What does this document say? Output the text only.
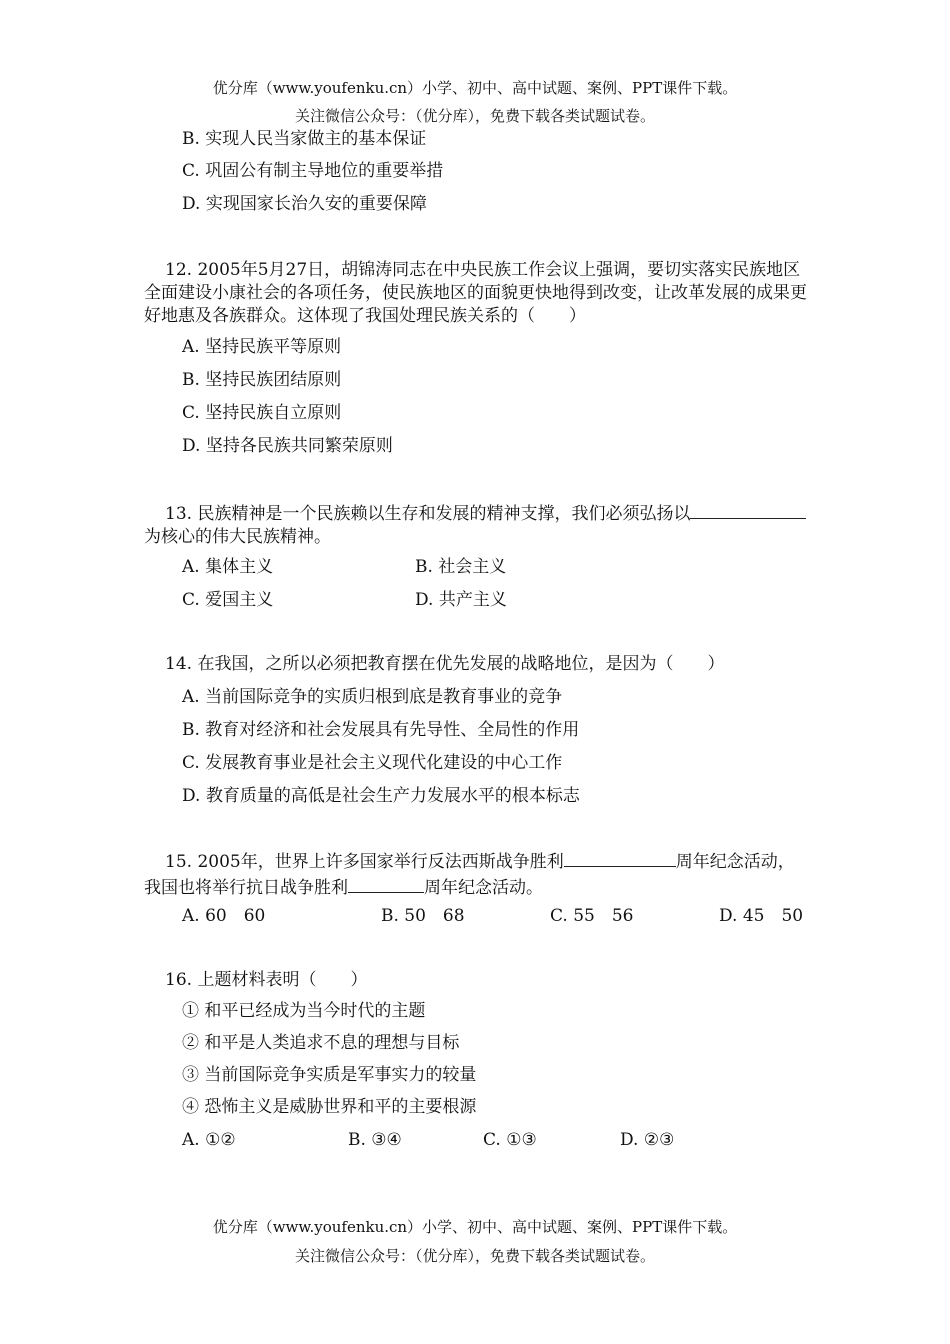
优分库（www.youfenku.cn）小学、初中、高中试题、案例、PPT课件下载。
关注微信公众号：（优分库），免费下载各类试题试卷。
B. 实现人民当家做主的基本保证
C. 巩固公有制主导地位的重要举措
D. 实现国家长治久安的重要保障
12. 2005年5月27日，胡锦涛同志在中央民族工作会议上强调，要切实落实民族地区全面建设小康社会的各项任务，使民族地区的面貌更快地得到改变，让改革发展的成果更好地惠及各族群众。这体现了我国处理民族关系的（　　）
A. 坚持民族平等原则
B. 坚持民族团结原则
C. 坚持民族自立原则
D. 坚持各民族共同繁荣原则
13. 民族精神是一个民族赖以生存和发展的精神支撑，我们必须弘扬以为核心的伟大民族精神。
A. 集体主义	B. 社会主义
C. 爱国主义	D. 共产主义
14. 在我国，之所以必须把教育摆在优先发展的战略地位，是因为（　　）
A. 当前国际竞争的实质归根到底是教育事业的竞争
B. 教育对经济和社会发展具有先导性、全局性的作用
C. 发展教育事业是社会主义现代化建设的中心工作
D. 教育质量的高低是社会生产力发展水平的根本标志
15. 2005年，世界上许多国家举行反法西斯战争胜利	周年纪念活动，我国也将举行抗日战争胜利	周年纪念活动。
A. 60　60	B. 50　68	C. 55　56	D. 45　50
16. 上题材料表明（　　）
① 和平已经成为当今时代的主题
② 和平是人类追求不息的理想与目标
③ 当前国际竞争实质是军事实力的较量
④ 恐怖主义是威胁世界和平的主要根源
A. ①②	B. ③④	C. ①③	D. ②③
优分库（www.youfenku.cn）小学、初中、高中试题、案例、PPT课件下载。
关注微信公众号：（优分库），免费下载各类试题试卷。
